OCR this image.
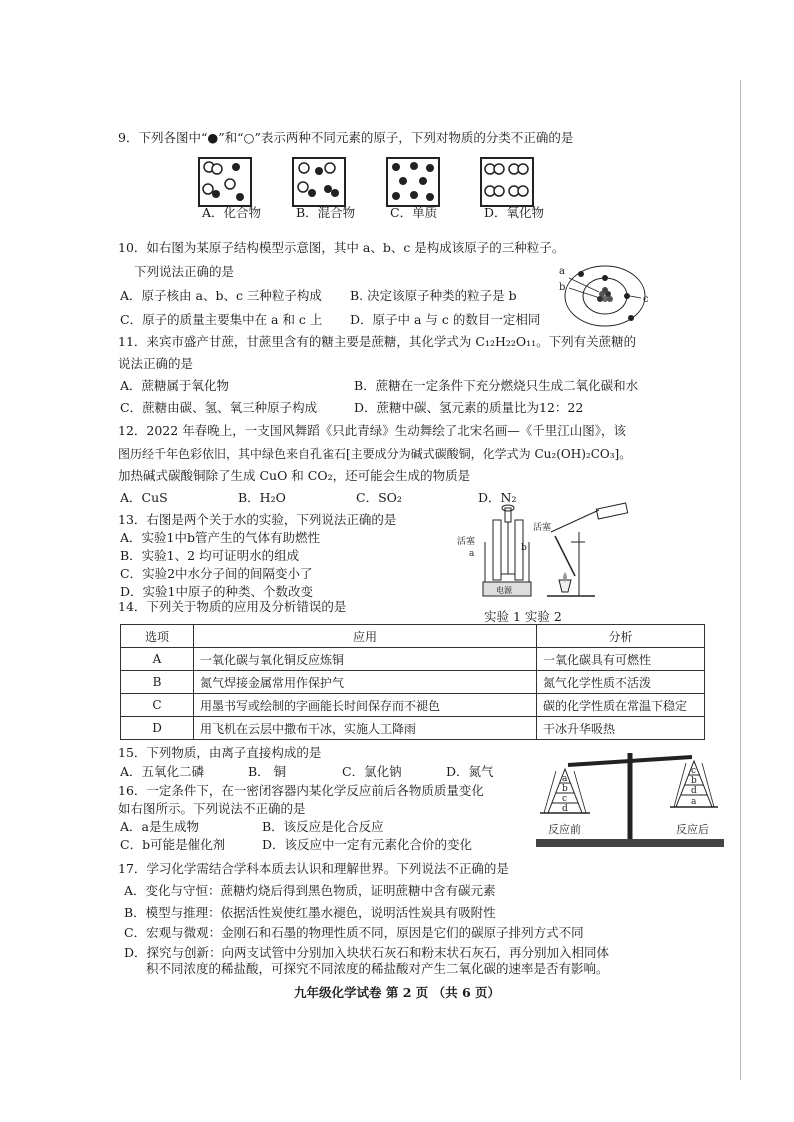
9．下列各图中“●”和“○”表示两种不同元素的原子，下列对物质的分类不正确的是
A．化合物	B．混合物	C．单质	D．氧化物
10．如右图为某原子结构模型示意图，其中 a、b、c 是构成该原子的三种粒子。
下列说法正确的是
A．原子核由 a、b、c 三种粒子构成 B. 决定该原子种类的粒子是 b
C．原子的质量主要集中在 a 和 c 上 D．原子中 a 与 c 的数目一定相同
a
b
c
11．来宾市盛产甘蔗，甘蔗里含有的糖主要是蔗糖，其化学式为 C₁₂H₂₂O₁₁。下列有关蔗糖的
说法正确的是
A．蔗糖属于氧化物	B．蔗糖在一定条件下充分燃烧只生成二氧化碳和水
C．蔗糖由碳、氢、氧三种原子构成	D．蔗糖中碳、氢元素的质量比为12：22
12．2022 年春晚上，一支国风舞蹈《只此青绿》生动舞绘了北宋名画—《千里江山图》，该
图历经千年色彩依旧，其中绿色来自孔雀石[主要成分为碱式碳酸铜，化学式为 Cu₂(OH)₂CO₃]。
加热碱式碳酸铜除了生成 CuO 和 CO₂，还可能会生成的物质是
A．CuS	B．H₂O	C．SO₂	D．N₂
13．右图是两个关于水的实验，下列说法正确的是
A．实验1中b管产生的气体有助燃性
B．实验1、2 均可证明水的组成
C．实验2中水分子间的间隔变小了
D．实验1中原子的种类、个数改变	电源
活塞
a
活塞
b
实验 1 实验 2
14．下列关于物质的应用及分析错误的是
选项	应用	分析
A	一氧化碳与氧化铜反应炼铜	一氧化碳具有可燃性
B	氮气焊接金属常用作保护气	氮气化学性质不活泼
C	用墨书写或绘制的字画能长时间保存而不褪色	碳的化学性质在常温下稳定
D	用飞机在云层中撒布干冰，实施人工降雨	干冰升华吸热
15．下列物质，由离子直接构成的是
A．五氧化二磷	B． 铜	C．氯化钠	D．氮气
16．一定条件下，在一密闭容器内某化学反应前后各物质质量变化
如右图所示。下列说法不正确的是
A．a是生成物	B．该反应是化合反应
C．b可能是催化剂	D．该反应中一定有元素化合价的变化
a
b
c
d
c
b
d
a
反应前	反应后
17．学习化学需结合学科本质去认识和理解世界。下列说法不正确的是
A．变化与守恒：蔗糖灼烧后得到黑色物质，证明蔗糖中含有碳元素
B．模型与推理：依据活性炭使红墨水褪色，说明活性炭具有吸附性
C．宏观与微观：金刚石和石墨的物理性质不同，原因是它们的碳原子排列方式不同
D．探究与创新：向两支试管中分别加入块状石灰石和粉末状石灰石，再分别加入相同体
积不同浓度的稀盐酸，可探究不同浓度的稀盐酸对产生二氧化碳的速率是否有影响。
九年级化学试卷 第 2 页 （共 6 页）
